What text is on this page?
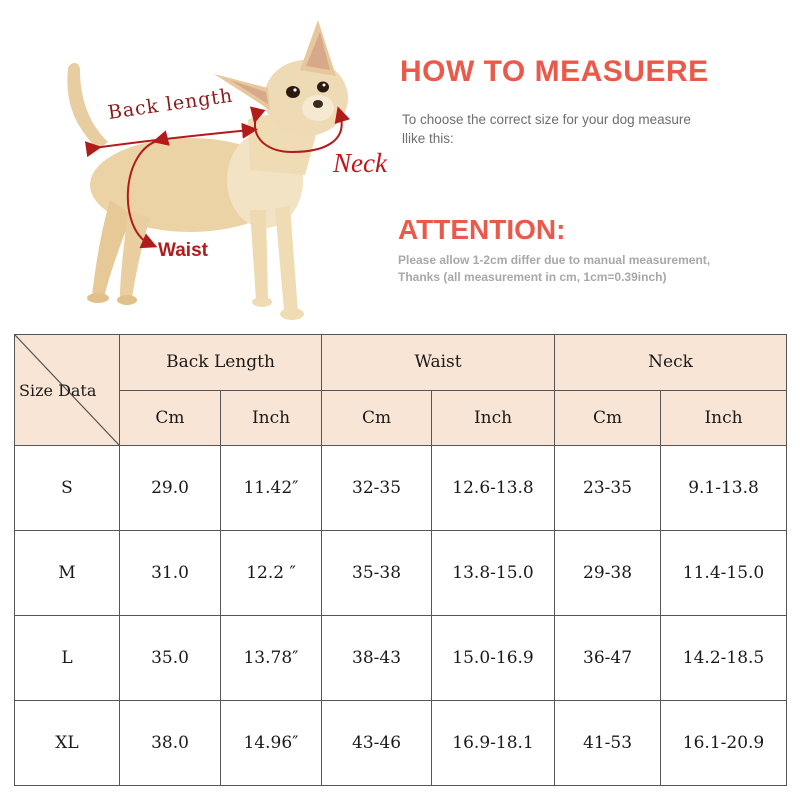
Back length
Neck
Waist
HOW TO MEASUERE
To choose the correct size for your dog measure llike this:
ATTENTION:
Please allow 1-2cm differ due to manual measurement,
Thanks (all measurement in cm, 1cm=0.39inch)
Size Data	Back Length		Waist		Neck	
	Cm	Inch	Cm	Inch	Cm	Inch
S	29.0	11.42″	32-35	12.6-13.8	23-35	9.1-13.8
M	31.0	12.2 ″	35-38	13.8-15.0	29-38	11.4-15.0
L	35.0	13.78″	38-43	15.0-16.9	36-47	14.2-18.5
XL	38.0	14.96″	43-46	16.9-18.1	41-53	16.1-20.9
